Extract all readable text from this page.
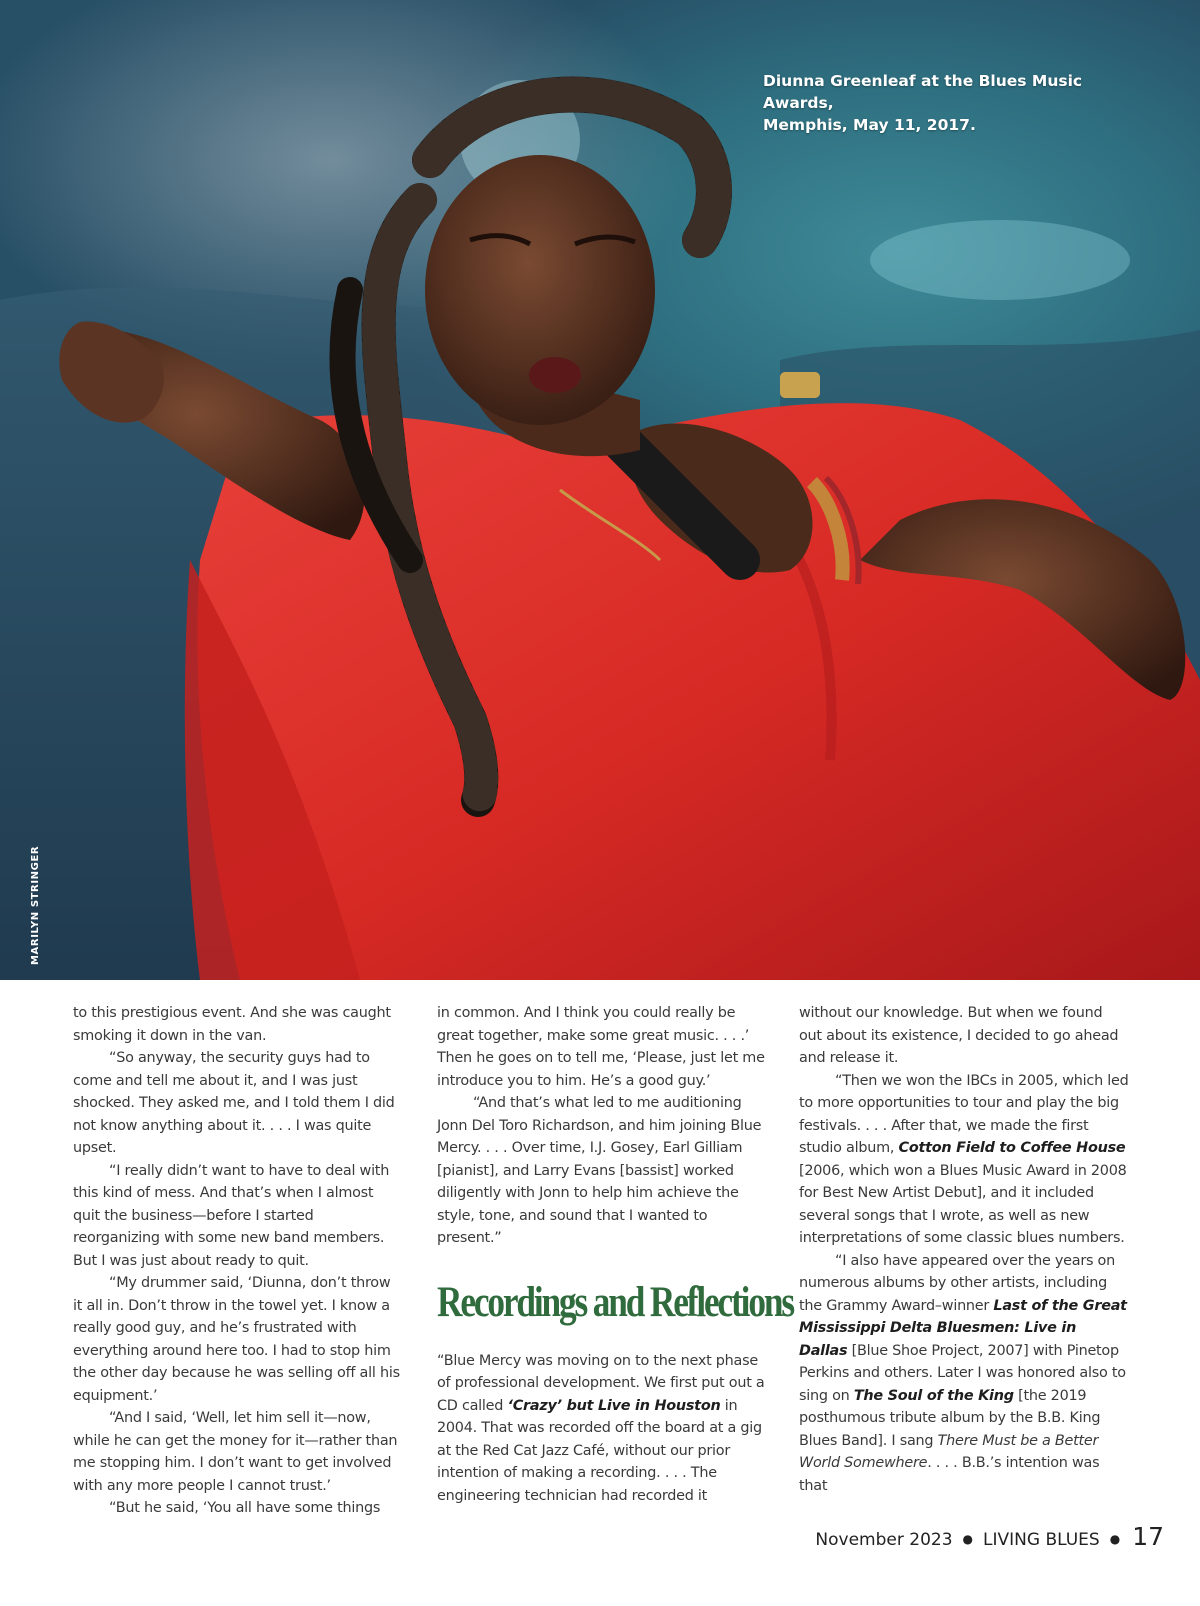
Diunna Greenleaf at the Blues Music Awards,
Memphis, May 11, 2017.
MARILYN STRINGER

to this prestigious event. And she was caught smoking it down in the van.

“So anyway, the security guys had to come and tell me about it, and I was just shocked. They asked me, and I told them I did not know anything about it. . . . I was quite upset.

“I really didn’t want to have to deal with this kind of mess. And that’s when I almost quit the business—before I started reorganizing with some new band members. But I was just about ready to quit.

“My drummer said, ‘Diunna, don’t throw it all in. Don’t throw in the towel yet. I know a really good guy, and he’s frustrated with everything around here too. I had to stop him the other day because he was selling off all his equipment.’

“And I said, ‘Well, let him sell it—now, while he can get the money for it—rather than me stopping him. I don’t want to get involved with any more people I cannot trust.’

“But he said, ‘You all have some things

in common. And I think you could really be great together, make some great music. . . .’ Then he goes on to tell me, ‘Please, just let me introduce you to him. He’s a good guy.’

“And that’s what led to me auditioning Jonn Del Toro Richardson, and him joining Blue Mercy. . . . Over time, I.J. Gosey, Earl Gilliam [pianist], and Larry Evans [bassist] worked diligently with Jonn to help him achieve the style, tone, and sound that I wanted to present.”

Recordings and Reflections

“Blue Mercy was moving on to the next phase of professional development. We first put out a CD called ‘Crazy’ but Live in Houston in 2004. That was recorded off the board at a gig at the Red Cat Jazz Café, without our prior intention of making a recording. . . . The engineering technician had recorded it

without our knowledge. But when we found out about its existence, I decided to go ahead and release it.

“Then we won the IBCs in 2005, which led to more opportunities to tour and play the big festivals. . . . After that, we made the first studio album, Cotton Field to Coffee House [2006, which won a Blues Music Award in 2008 for Best New Artist Debut], and it included several songs that I wrote, as well as new interpretations of some classic blues numbers.

“I also have appeared over the years on numerous albums by other artists, including the Grammy Award–winner Last of the Great Mississippi Delta Bluesmen: Live in Dallas [Blue Shoe Project, 2007] with Pinetop Perkins and others. Later I was honored also to sing on The Soul of the King [the 2019 posthumous tribute album by the B.B. King Blues Band]. I sang There Must be a Better World Somewhere. . . . B.B.’s intention was that

November 2023 ● LIVING BLUES ● 17
